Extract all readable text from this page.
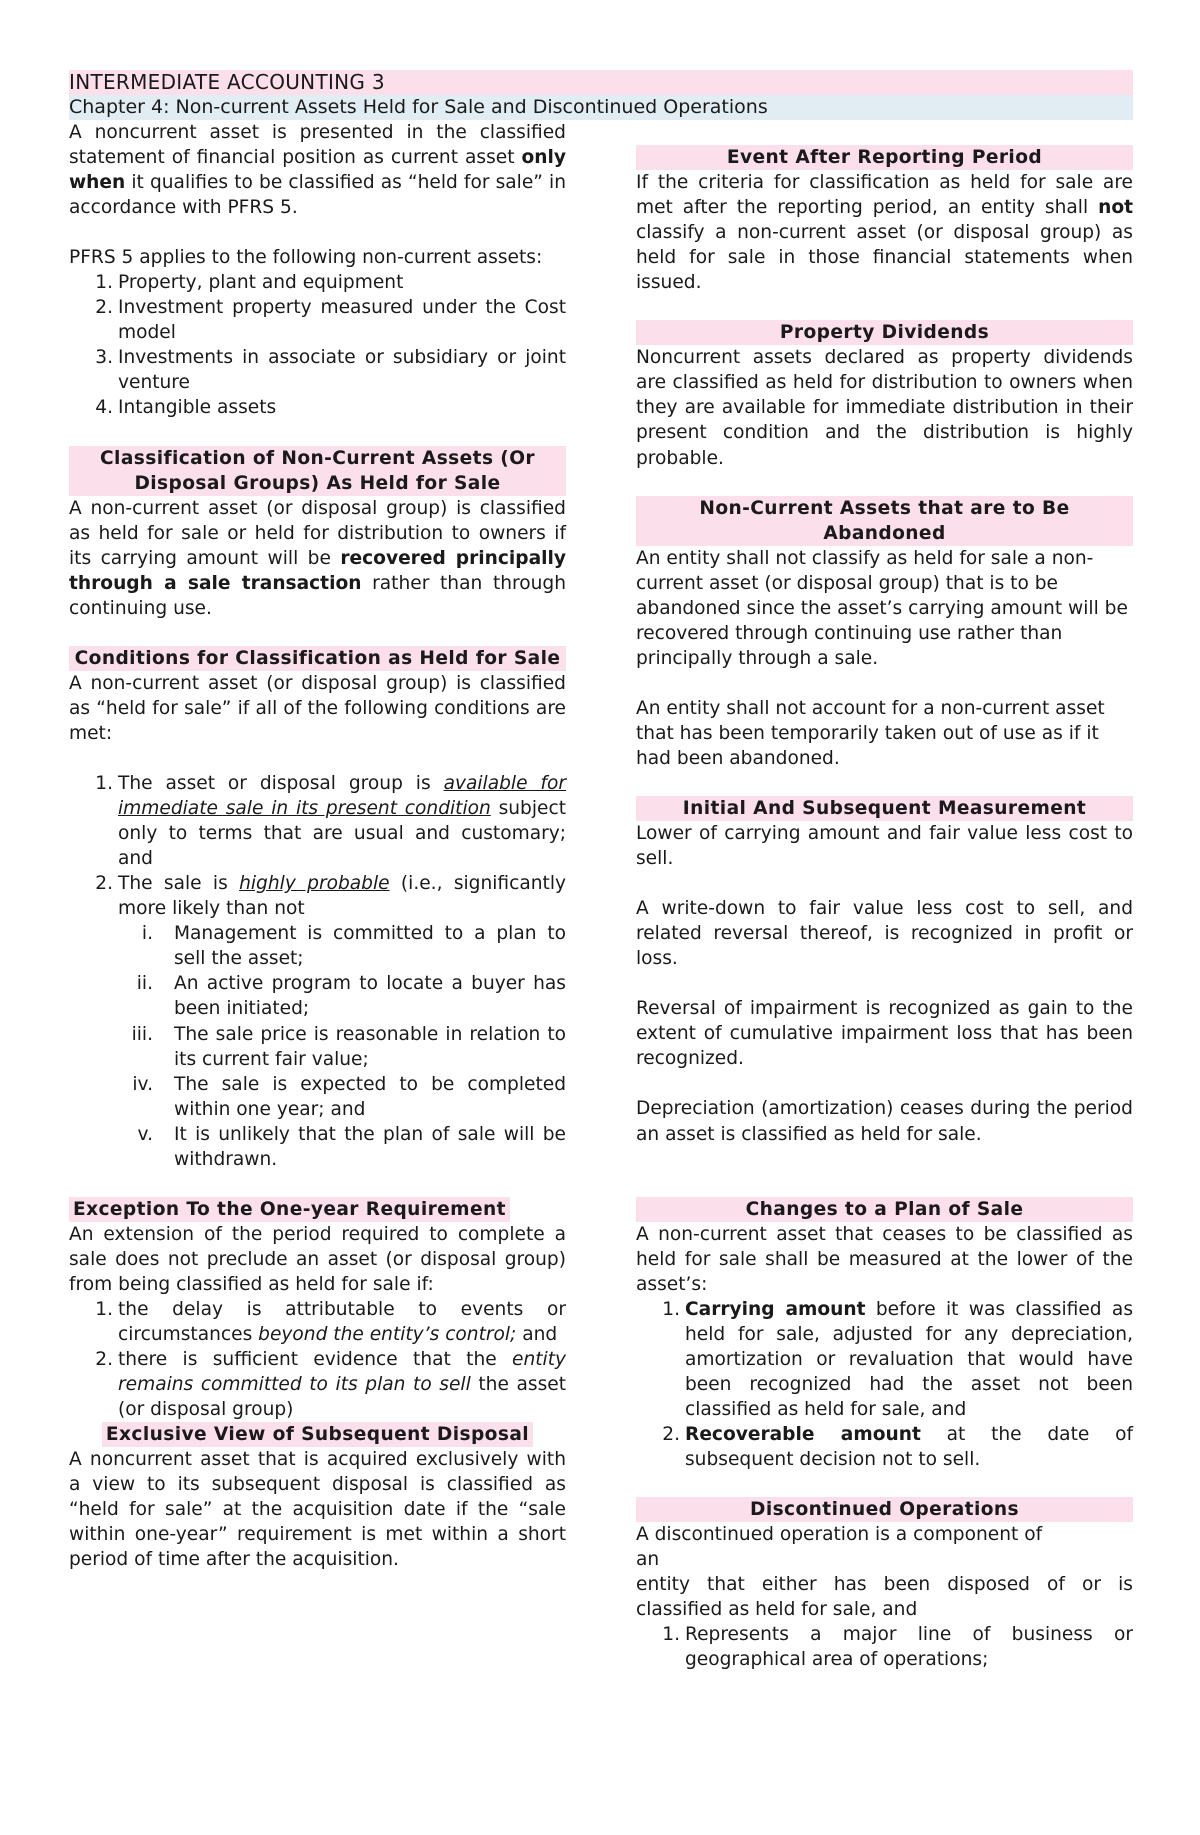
INTERMEDIATE ACCOUNTING 3
Chapter 4: Non-current Assets Held for Sale and Discontinued Operations

A noncurrent asset is presented in the classified statement of financial position as current asset only when it qualifies to be classified as “held for sale” in accordance with PFRS 5.

PFRS 5 applies to the following non-current assets:

1. Property, plant and equipment
2. Investment property measured under the Cost model
3. Investments in associate or subsidiary or joint venture
4. Intangible assets
Classification of Non-Current Assets (Or Disposal Groups) As Held for Sale

A non-current asset (or disposal group) is classified as held for sale or held for distribution to owners if its carrying amount will be recovered principally through a sale transaction rather than through continuing use.

Conditions for Classification as Held for Sale

A non-current asset (or disposal group) is classified as “held for sale” if all of the following conditions are met:

1. The asset or disposal group is available for immediate sale in its present condition subject only to terms that are usual and customary; and
2. The sale is highly probable (i.e., significantly more likely than not
i. Management is committed to a plan to sell the asset;
ii. An active program to locate a buyer has been initiated;
iii. The sale price is reasonable in relation to its current fair value;
iv. The sale is expected to be completed within one year; and
v. It is unlikely that the plan of sale will be withdrawn.
Exception To the One-year Requirement

An extension of the period required to complete a sale does not preclude an asset (or disposal group) from being classified as held for sale if:

1. the delay is attributable to events or circumstances beyond the entity’s control; and
2. there is sufficient evidence that the entity remains committed to its plan to sell the asset (or disposal group)
Exclusive View of Subsequent Disposal

A noncurrent asset that is acquired exclusively with a view to its subsequent disposal is classified as “held for sale” at the acquisition date if the “sale within one-year” requirement is met within a short period of time after the acquisition.

Event After Reporting Period

If the criteria for classification as held for sale are met after the reporting period, an entity shall not classify a non-current asset (or disposal group) as held for sale in those financial statements when issued.

Property Dividends

Noncurrent assets declared as property dividends are classified as held for distribution to owners when they are available for immediate distribution in their present condition and the distribution is highly probable.

Non-Current Assets that are to Be Abandoned

An entity shall not classify as held for sale a non-current asset (or disposal group) that is to be abandoned since the asset’s carrying amount will be recovered through continuing use rather than principally through a sale.

An entity shall not account for a non-current asset that has been temporarily taken out of use as if it had been abandoned.

Initial And Subsequent Measurement

Lower of carrying amount and fair value less cost to sell.

A write-down to fair value less cost to sell, and related reversal thereof, is recognized in profit or loss.

Reversal of impairment is recognized as gain to the extent of cumulative impairment loss that has been recognized.

Depreciation (amortization) ceases during the period an asset is classified as held for sale.

Changes to a Plan of Sale

A non-current asset that ceases to be classified as held for sale shall be measured at the lower of the asset’s:

1. Carrying amount before it was classified as held for sale, adjusted for any depreciation, amortization or revaluation that would have been recognized had the asset not been classified as held for sale, and
2. Recoverable amount at the date of subsequent decision not to sell.
Discontinued Operations

A discontinued operation is a component of

an

entity that either has been disposed of or is classified as held for sale, and

1. Represents a major line of business or geographical area of operations;
